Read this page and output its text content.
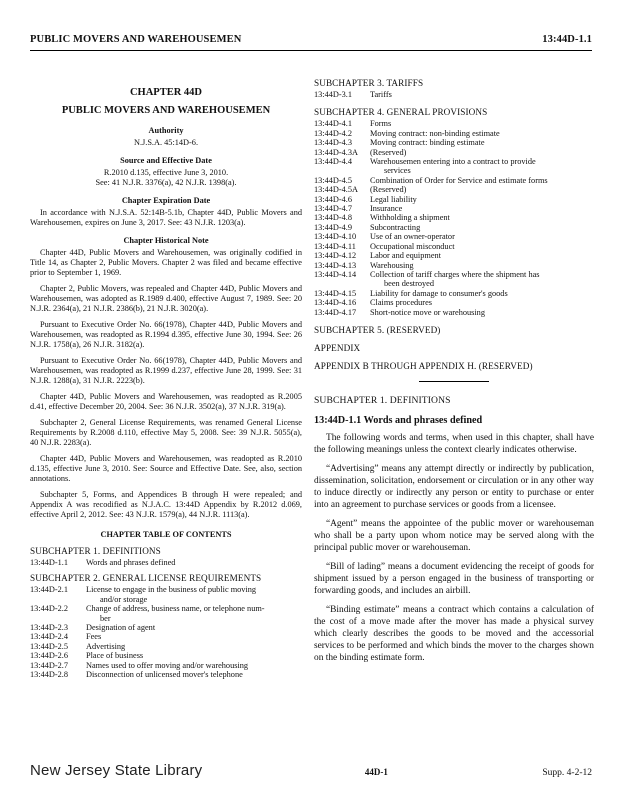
PUBLIC MOVERS AND WAREHOUSEMEN	13:44D-1.1
CHAPTER 44D
PUBLIC MOVERS AND WAREHOUSEMEN
Authority
N.J.S.A. 45:14D-6.
Source and Effective Date
R.2010 d.135, effective June 3, 2010.
See: 41 N.J.R. 3376(a), 42 N.J.R. 1398(a).
Chapter Expiration Date
In accordance with N.J.S.A. 52:14B-5.1b, Chapter 44D, Public Movers and Warehousemen, expires on June 3, 2017. See: 43 N.J.R. 1203(a).
Chapter Historical Note
Chapter 44D, Public Movers and Warehousemen, was originally codified in Title 14, as Chapter 2, Public Movers. Chapter 2 was filed and became effective prior to September 1, 1969.
Chapter 2, Public Movers, was repealed and Chapter 44D, Public Movers and Warehousemen, was adopted as R.1989 d.400, effective August 7, 1989. See: 20 N.J.R. 2364(a), 21 N.J.R. 2386(b), 21 N.J.R. 3020(a).
Pursuant to Executive Order No. 66(1978), Chapter 44D, Public Movers and Warehousemen, was readopted as R.1994 d.395, effective June 30, 1994. See: 26 N.J.R. 1758(a), 26 N.J.R. 3182(a).
Pursuant to Executive Order No. 66(1978), Chapter 44D, Public Movers and Warehousemen, was readopted as R.1999 d.237, effective June 28, 1999. See: 31 N.J.R. 1288(a), 31 N.J.R. 2223(b).
Chapter 44D, Public Movers and Warehousemen, was readopted as R.2005 d.41, effective December 20, 2004. See: 36 N.J.R. 3502(a), 37 N.J.R. 319(a).
Subchapter 2, General License Requirements, was renamed General License Requirements by R.2008 d.110, effective May 5, 2008. See: 39 N.J.R. 5055(a), 40 N.J.R. 2283(a).
Chapter 44D, Public Movers and Warehousemen, was readopted as R.2010 d.135, effective June 3, 2010. See: Source and Effective Date. See, also, section annotations.
Subchapter 5, Forms, and Appendices B through H were repealed; and Appendix A was recodified as N.J.A.C. 13:44D Appendix by R.2012 d.069, effective April 2, 2012. See: 43 N.J.R. 1579(a), 44 N.J.R. 1113(a).
CHAPTER TABLE OF CONTENTS
SUBCHAPTER 1. DEFINITIONS
13:44D-1.1	Words and phrases defined
SUBCHAPTER 2. GENERAL LICENSE REQUIREMENTS
13:44D-2.1	License to engage in the business of public moving
and/or storage
13:44D-2.2	Change of address, business name, or telephone num-
ber
13:44D-2.3	Designation of agent
13:44D-2.4	Fees
13:44D-2.5	Advertising
13:44D-2.6	Place of business
13:44D-2.7	Names used to offer moving and/or warehousing
13:44D-2.8	Disconnection of unlicensed mover's telephone
SUBCHAPTER 3. TARIFFS
13:44D-3.1	Tariffs
SUBCHAPTER 4. GENERAL PROVISIONS
13:44D-4.1	Forms
13:44D-4.2	Moving contract: non-binding estimate
13:44D-4.3	Moving contract: binding estimate
13:44D-4.3A	(Reserved)
13:44D-4.4	Warehousemen entering into a contract to provide
services
13:44D-4.5	Combination of Order for Service and estimate forms
13:44D-4.5A	(Reserved)
13:44D-4.6	Legal liability
13:44D-4.7	Insurance
13:44D-4.8	Withholding a shipment
13:44D-4.9	Subcontracting
13:44D-4.10	Use of an owner-operator
13:44D-4.11	Occupational misconduct
13:44D-4.12	Labor and equipment
13:44D-4.13	Warehousing
13:44D-4.14	Collection of tariff charges where the shipment has
been destroyed
13:44D-4.15	Liability for damage to consumer's goods
13:44D-4.16	Claims procedures
13:44D-4.17	Short-notice move or warehousing
SUBCHAPTER 5. (RESERVED)
APPENDIX
APPENDIX B THROUGH APPENDIX H. (RESERVED)
SUBCHAPTER 1. DEFINITIONS
13:44D-1.1 Words and phrases defined

The following words and terms, when used in this chapter, shall have the following meanings unless the context clearly indicates otherwise.

“Advertising” means any attempt directly or indirectly by publication, dissemination, solicitation, endorsement or circulation or in any other way to induce directly or indirectly any person or entity to purchase or enter into an agreement to purchase services or goods from a licensee.

“Agent” means the appointee of the public mover or warehouseman who shall be a party upon whom notice may be served along with the principal public mover or warehouseman.

“Bill of lading” means a document evidencing the receipt of goods for shipment issued by a person engaged in the business of transporting or forwarding goods, and includes an airbill.

“Binding estimate” means a contract which contains a calculation of the cost of a move made after the mover has made a physical survey which clearly describes the goods to be moved and the accessorial services to be performed and which binds the mover to the charges shown on the binding estimate form.

New Jersey State Library	44D-1	Supp. 4-2-12
